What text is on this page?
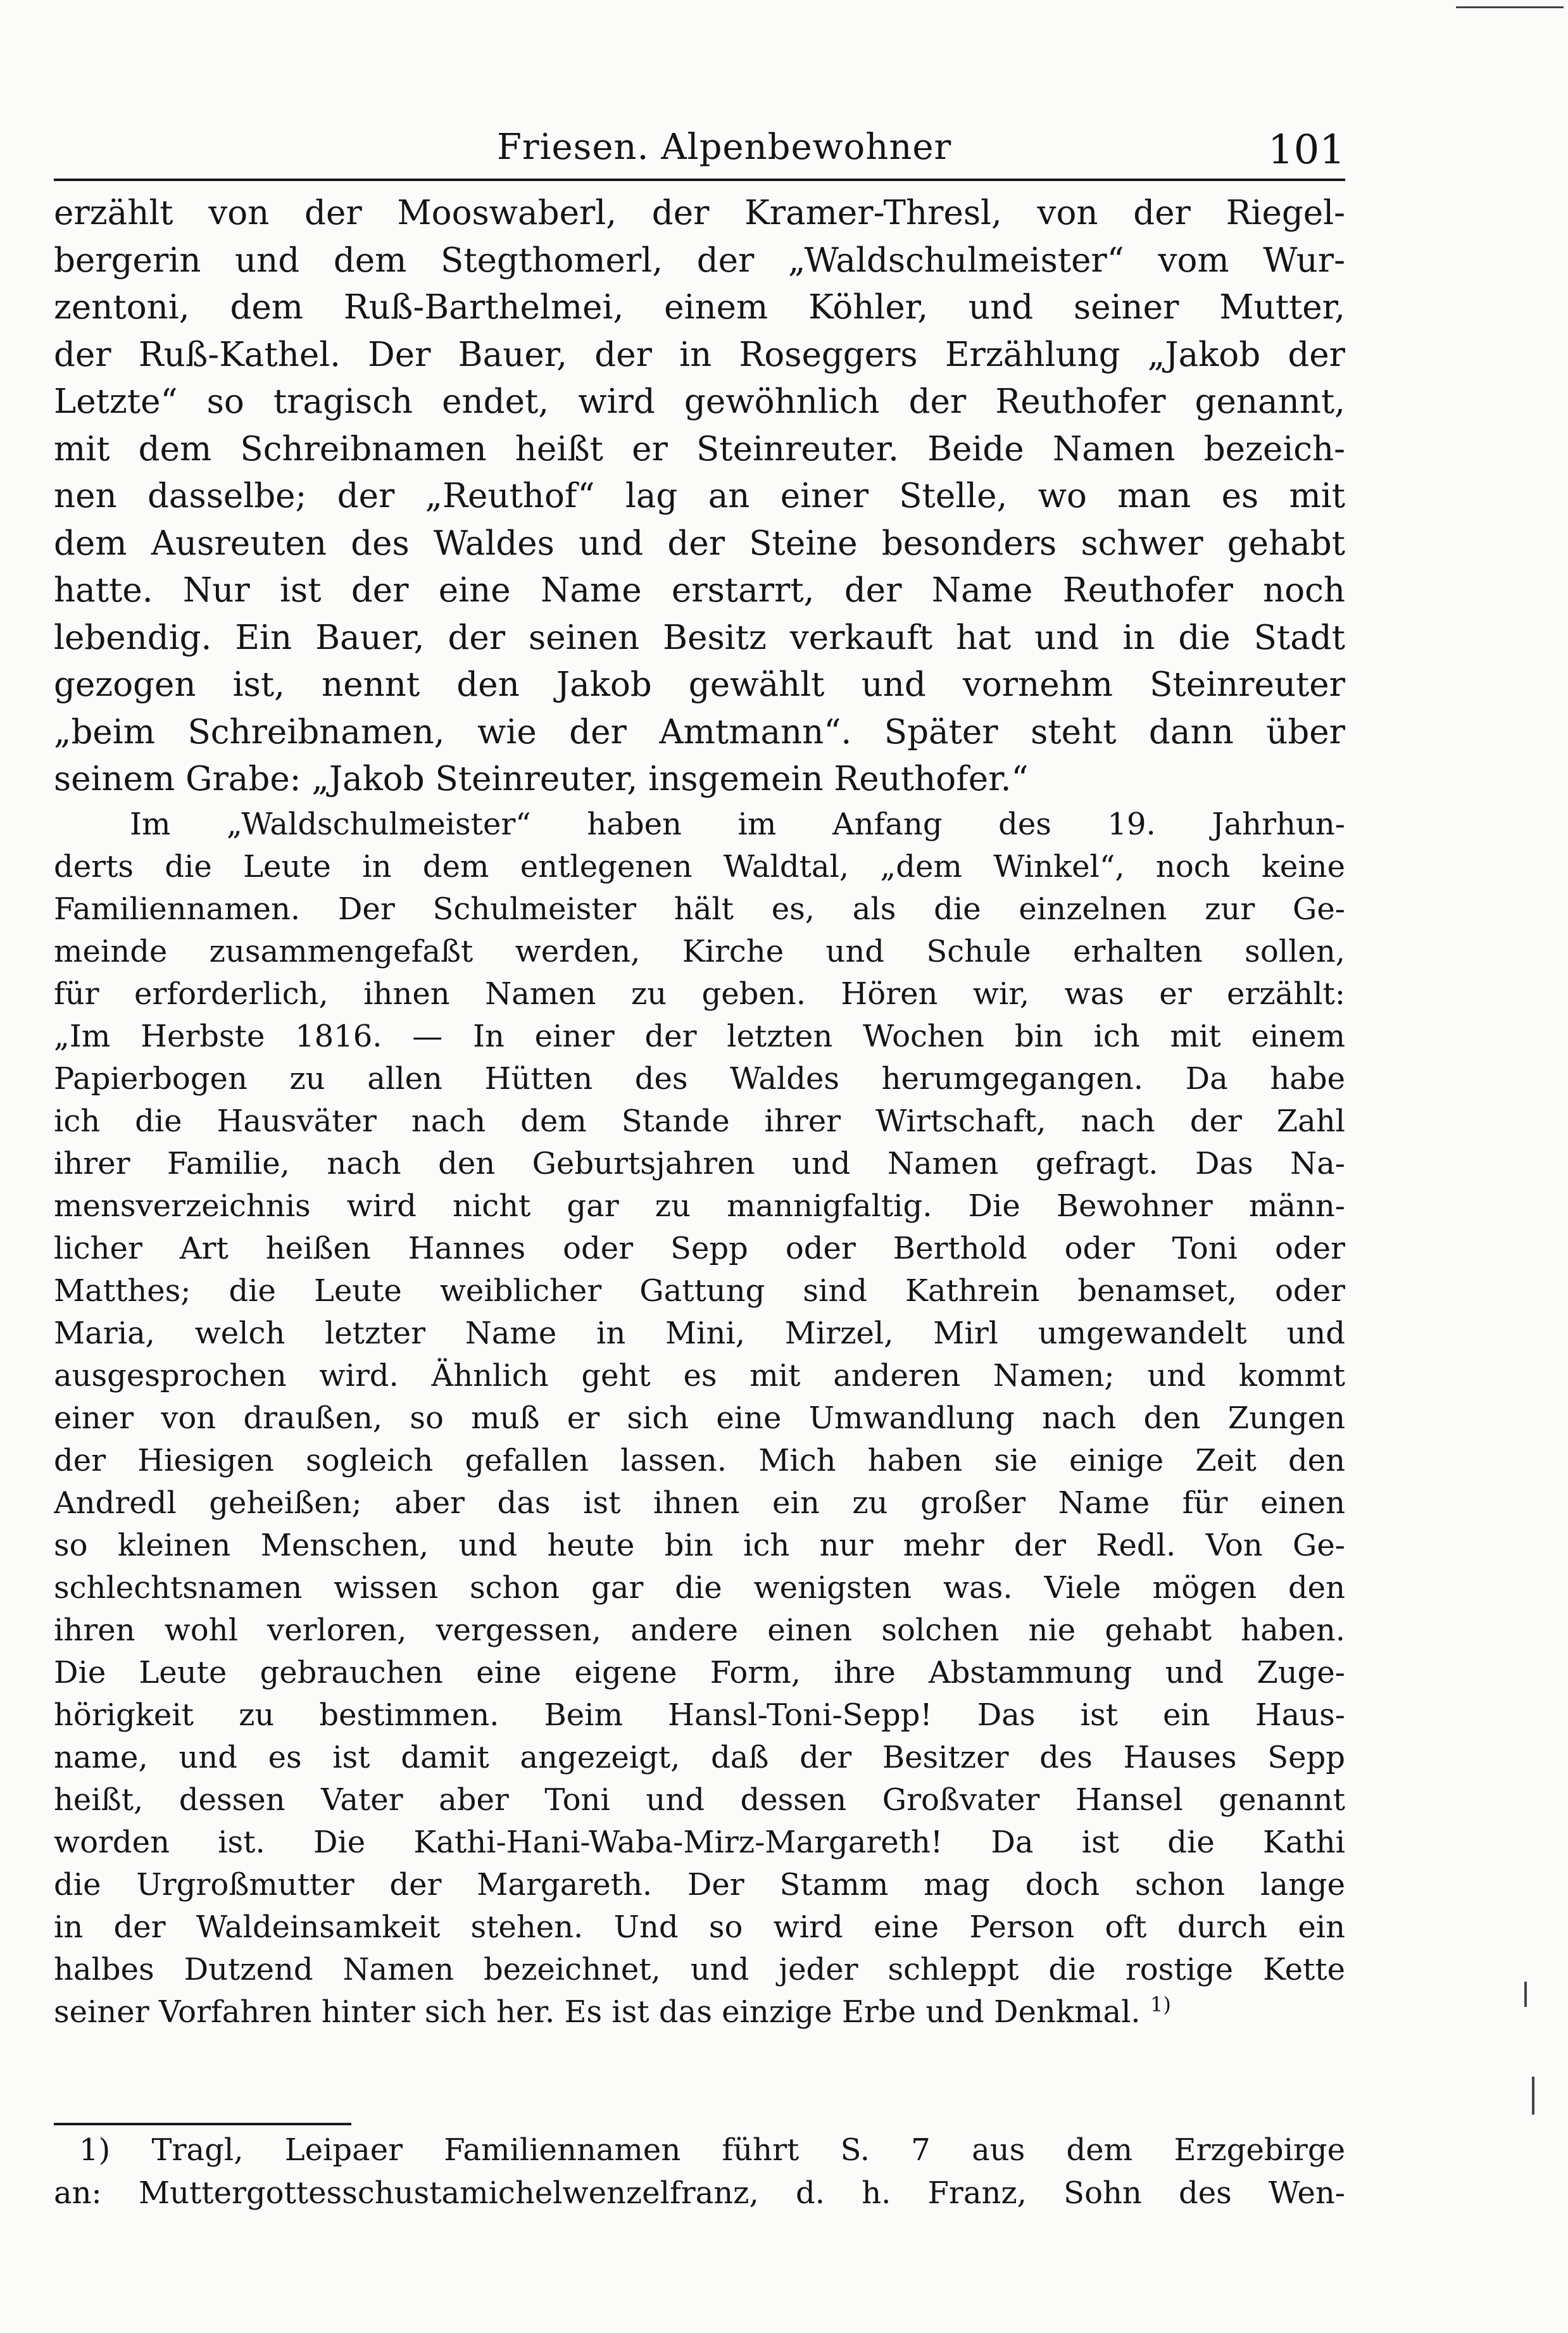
Friesen. Alpenbewohner	101
erzählt von der Mooswaberl, der Kramer-Thresl, von der Riegel-
bergerin und dem Stegthomerl, der „Waldschulmeister“ vom Wur-
zentoni, dem Ruß-Barthelmei, einem Köhler, und seiner Mutter,
der Ruß-Kathel. Der Bauer, der in Roseggers Erzählung „Jakob der
Letzte“ so tragisch endet, wird gewöhnlich der Reuthofer genannt,
mit dem Schreibnamen heißt er Steinreuter. Beide Namen bezeich-
nen dasselbe; der „Reuthof“ lag an einer Stelle, wo man es mit
dem Ausreuten des Waldes und der Steine besonders schwer gehabt
hatte. Nur ist der eine Name erstarrt, der Name Reuthofer noch
lebendig. Ein Bauer, der seinen Besitz verkauft hat und in die Stadt
gezogen ist, nennt den Jakob gewählt und vornehm Steinreuter
„beim Schreibnamen, wie der Amtmann“. Später steht dann über
seinem Grabe: „Jakob Steinreuter, insgemein Reuthofer.“
Im „Waldschulmeister“ haben im Anfang des 19. Jahrhun-
derts die Leute in dem entlegenen Waldtal, „dem Winkel“, noch keine
Familiennamen. Der Schulmeister hält es, als die einzelnen zur Ge-
meinde zusammengefaßt werden, Kirche und Schule erhalten sollen,
für erforderlich, ihnen Namen zu geben. Hören wir, was er erzählt:
„Im Herbste 1816. — In einer der letzten Wochen bin ich mit einem
Papierbogen zu allen Hütten des Waldes herumgegangen. Da habe
ich die Hausväter nach dem Stande ihrer Wirtschaft, nach der Zahl
ihrer Familie, nach den Geburtsjahren und Namen gefragt. Das Na-
mensverzeichnis wird nicht gar zu mannigfaltig. Die Bewohner männ-
licher Art heißen Hannes oder Sepp oder Berthold oder Toni oder
Matthes; die Leute weiblicher Gattung sind Kathrein benamset, oder
Maria, welch letzter Name in Mini, Mirzel, Mirl umgewandelt und
ausgesprochen wird. Ähnlich geht es mit anderen Namen; und kommt
einer von draußen, so muß er sich eine Umwandlung nach den Zungen
der Hiesigen sogleich gefallen lassen. Mich haben sie einige Zeit den
Andredl geheißen; aber das ist ihnen ein zu großer Name für einen
so kleinen Menschen, und heute bin ich nur mehr der Redl. Von Ge-
schlechtsnamen wissen schon gar die wenigsten was. Viele mögen den
ihren wohl verloren, vergessen, andere einen solchen nie gehabt haben.
Die Leute gebrauchen eine eigene Form, ihre Abstammung und Zuge-
hörigkeit zu bestimmen. Beim Hansl-Toni-Sepp! Das ist ein Haus-
name, und es ist damit angezeigt, daß der Besitzer des Hauses Sepp
heißt, dessen Vater aber Toni und dessen Großvater Hansel genannt
worden ist. Die Kathi-Hani-Waba-Mirz-Margareth! Da ist die Kathi
die Urgroßmutter der Margareth. Der Stamm mag doch schon lange
in der Waldeinsamkeit stehen. Und so wird eine Person oft durch ein
halbes Dutzend Namen bezeichnet, und jeder schleppt die rostige Kette
seiner Vorfahren hinter sich her. Es ist das einzige Erbe und Denkmal. $^{1)}$
1) Tragl, Leipaer Familiennamen führt S. 7 aus dem Erzgebirge
an: Muttergottesschustamichelwenzelfranz, d. h. Franz, Sohn des Wen-
